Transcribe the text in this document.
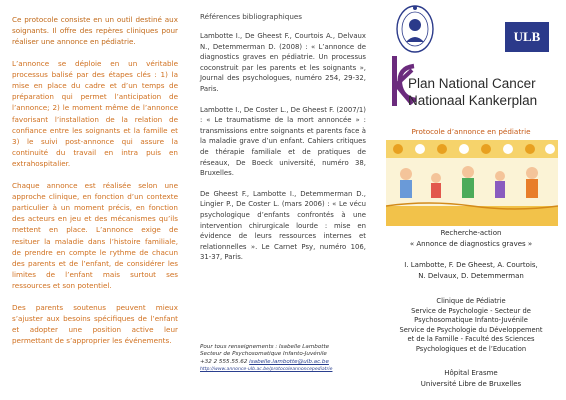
Ce protocole consiste en un outil destiné aux soignants. Il offre des repères cliniques pour réaliser une annonce en pédiatrie.

L’annonce se déploie en un véritable processus balisé par des étapes clés : 1) la mise en place du cadre et d’un temps de préparation qui permet l’anticipation de l’annonce; 2) le moment même de l’annonce favorisant l’installation de la relation de confiance entre les soignants et la famille et 3) le suivi post-annonce qui assure la continuité du travail en intra puis en extrahospitalier.

Chaque annonce est réalisée selon une approche clinique, en fonction d’un contexte particulier à un moment précis, en fonction des acteurs en jeu et des mécanismes qu’ils mettent en place. L’annonce exige de resituer la maladie dans l’histoire familiale, de prendre en compte le rythme de chacun des parents et de l’enfant, de considérer les limites de l’enfant mais surtout ses ressources et son potentiel.

Des parents soutenus peuvent mieux s’ajuster aux besoins spécifiques de l’enfant et adopter une position active leur permettant de s’approprier les événements.

Références bibliographiques

Lambotte I., De Gheest F., Courtois A., Delvaux N., Detemmerman D. (2008) : « L’annonce de diagnostics graves en pédiatrie. Un processus coconstruit par les parents et les soignants », Journal des psychologues, numéro 254, 29-32, Paris.

Lambotte I., De Coster L., De Gheest F. (2007/1) : « Le traumatisme de la mort annoncée » : transmissions entre soignants et parents face à la maladie grave d’un enfant. Cahiers critiques de thérapie familiale et de pratiques de réseaux, De Boeck université, numéro 38, Bruxelles.

De Gheest F., Lambotte I., Detemmerman D., Lingier P., De Coster L. (mars 2006) : « Le vécu psychologique d’enfants confrontés à une intervention chirurgicale lourde : mise en évidence de leurs ressources internes et relationnelles ». Le Carnet Psy, numéro 106, 31-37, Paris.

Pour tous renseignements : Isabelle Lambotte
Secteur de Psychosomatique Infanto-Juvénile
+32 2 555.55.62 isabelle.lambotte@ulb.ac.be
http://www.annonce-ulb.ac.be/protocoleannoncepediatrie
ULB
Plan National Cancer
Nationaal Kankerplan
Protocole d’annonce en pédiatrie
Recherche-action
« Annonce de diagnostics graves »
I. Lambotte, F. De Gheest, A. Courtois,
N. Delvaux, D. Detemmerman
Clinique de Pédiatrie
Service de Psychologie - Secteur de
Psychosomatique Infanto-Juvénile
Service de Psychologie du Développement
et de la Famille - Faculté des Sciences
Psychologiques et de l’Education
Hôpital Erasme
Université Libre de Bruxelles
